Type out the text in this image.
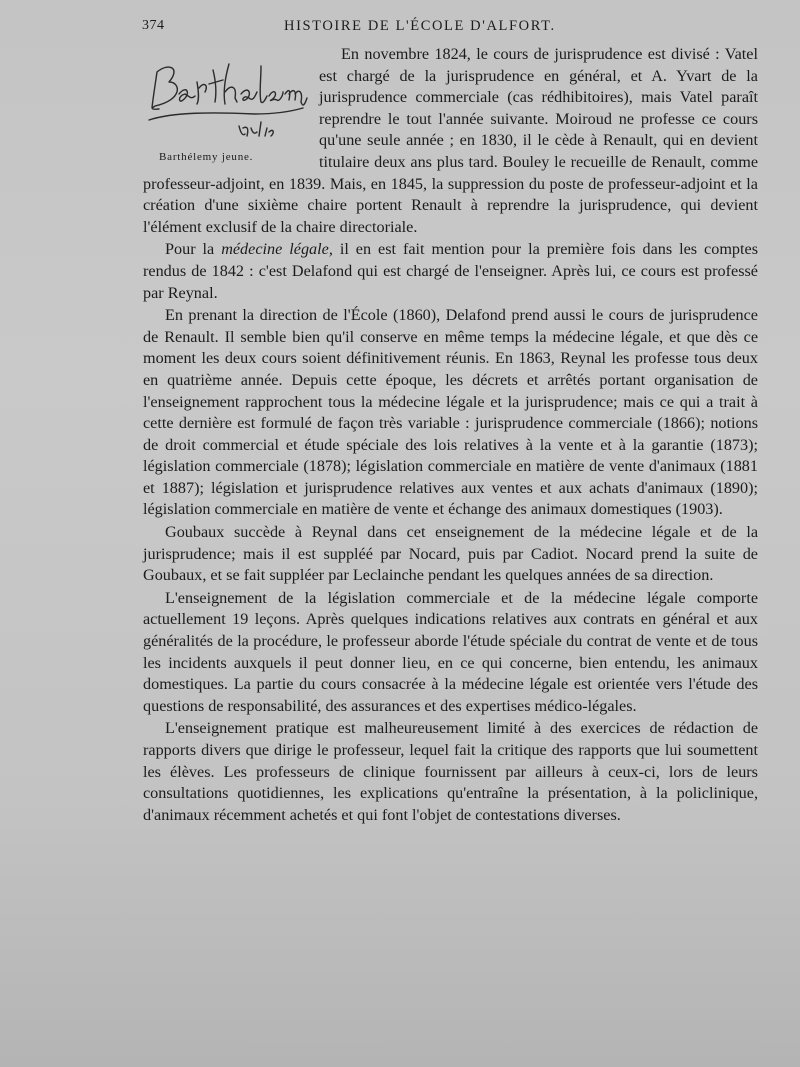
374	HISTOIRE DE L'ÉCOLE D'ALFORT.
Barthélemy jeune.

En novembre 1824, le cours de jurisprudence est divisé : Vatel est chargé de la jurisprudence en général, et A. Yvart de la jurisprudence commerciale (cas rédhibitoires), mais Vatel paraît reprendre le tout l'année suivante. Moiroud ne professe ce cours qu'une seule année ; en 1830, il le cède à Renault, qui en devient titulaire deux ans plus tard. Bouley le recueille de Renault, comme professeur-adjoint, en 1839. Mais, en 1845, la suppression du poste de professeur-adjoint et la création d'une sixième chaire portent Renault à reprendre la jurisprudence, qui devient l'élément exclusif de la chaire directoriale.

Pour la médecine légale, il en est fait mention pour la première fois dans les comptes rendus de 1842 : c'est Delafond qui est chargé de l'enseigner. Après lui, ce cours est professé par Reynal.

En prenant la direction de l'École (1860), Delafond prend aussi le cours de jurisprudence de Renault. Il semble bien qu'il conserve en même temps la médecine légale, et que dès ce moment les deux cours soient définitivement réunis. En 1863, Reynal les professe tous deux en quatrième année. Depuis cette époque, les décrets et arrêtés portant organisation de l'enseignement rapprochent tous la médecine légale et la jurisprudence; mais ce qui a trait à cette dernière est formulé de façon très variable : jurisprudence commerciale (1866); notions de droit commercial et étude spéciale des lois relatives à la vente et à la garantie (1873); législation commerciale (1878); législation commerciale en matière de vente d'animaux (1881 et 1887); législation et jurisprudence relatives aux ventes et aux achats d'animaux (1890); législation commerciale en matière de vente et échange des animaux domestiques (1903).

Goubaux succède à Reynal dans cet enseignement de la médecine légale et de la jurisprudence; mais il est suppléé par Nocard, puis par Cadiot. Nocard prend la suite de Goubaux, et se fait suppléer par Leclainche pendant les quelques années de sa direction.

L'enseignement de la législation commerciale et de la médecine légale comporte actuellement 19 leçons. Après quelques indications relatives aux contrats en général et aux généralités de la procédure, le professeur aborde l'étude spéciale du contrat de vente et de tous les incidents auxquels il peut donner lieu, en ce qui concerne, bien entendu, les animaux domestiques. La partie du cours consacrée à la médecine légale est orientée vers l'étude des questions de responsabilité, des assurances et des expertises médico-légales.

L'enseignement pratique est malheureusement limité à des exercices de rédaction de rapports divers que dirige le professeur, lequel fait la critique des rapports que lui soumettent les élèves. Les professeurs de clinique fournissent par ailleurs à ceux-ci, lors de leurs consultations quotidiennes, les explications qu'entraîne la présentation, à la policlinique, d'animaux récemment achetés et qui font l'objet de contestations diverses.
